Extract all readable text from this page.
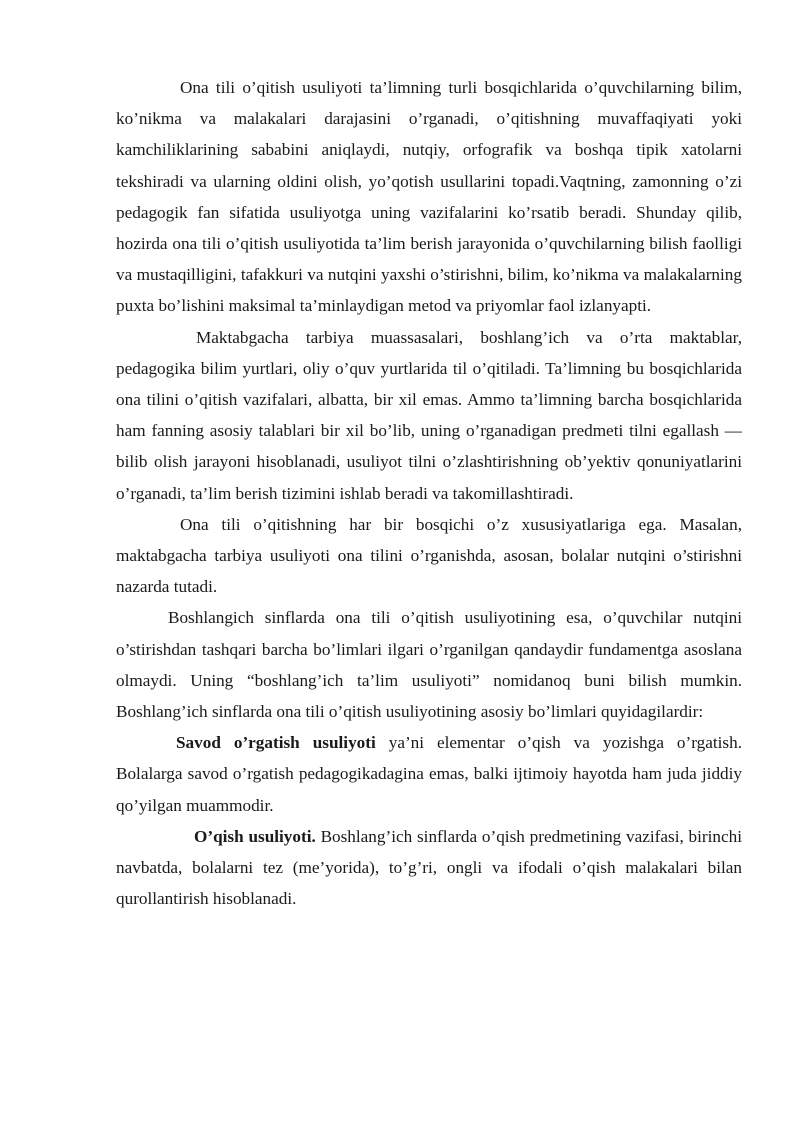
Ona tili o’qitish usuliyoti ta’limning turli bosqichlarida o’quvchilarning bilim, ko’nikma va malakalari darajasini o’rganadi, o’qitishning muvaffaqiyati yoki kamchiliklarining sababini aniqlaydi, nutqiy, orfografik va boshqa tipik xatolarni tekshiradi va ularning oldini olish, yo’qotish usullarini topadi.Vaqtning, zamonning o’zi pedagogik fan sifatida usuliyotga uning vazifalarini ko’rsatib beradi. Shunday qilib, hozirda ona tili o’qitish usuliyotida ta’lim berish jarayonida o’quvchilarning bilish faolligi va mustaqilligini, tafakkuri va nutqini yaxshi o’stirishni, bilim, ko’nikma va malakalarning puxta bo’lishini maksimal ta’minlaydigan metod va priyomlar faol izlanyapti.

Maktabgacha tarbiya muassasalari, boshlang’ich va o’rta maktablar, pedagogika bilim yurtlari, oliy o’quv yurtlarida til o’qitiladi. Ta’limning bu bosqichlarida ona tilini o’qitish vazifalari, albatta, bir xil emas. Ammo ta’limning barcha bosqichlarida ham fanning asosiy talablari bir xil bo’lib, uning o’rganadigan predmeti tilni egallash — bilib olish jarayoni hisoblanadi, usuliyot tilni o’zlashtirishning ob’yektiv qonuniyatlarini o’rganadi, ta’lim berish tizimini ishlab beradi va takomillashtiradi.

Ona tili o’qitishning har bir bosqichi o’z xususiyatlariga ega. Masalan, maktabgacha tarbiya usuliyoti ona tilini o’rganishda, asosan, bolalar nutqini o’stirishni nazarda tutadi.

Boshlangich sinflarda ona tili o’qitish usuliyotining esa, o’quvchilar nutqini o’stirishdan tashqari barcha bo’limlari ilgari o’rganilgan qandaydir fundamentga asoslana olmaydi. Uning “boshlang’ich ta’lim usuliyoti” nomidanoq buni bilish mumkin. Boshlang’ich sinflarda ona tili o’qitish usuliyotining asosiy bo’limlari quyidagilardir:

Savod o’rgatish usuliyoti ya’ni elementar o’qish va yozishga o’rgatish. Bolalarga savod o’rgatish pedagogikadagina emas, balki ijtimoiy hayotda ham juda jiddiy qo’yilgan muammodir.

O’qish usuliyoti. Boshlang’ich sinflarda o’qish predmetining vazifasi, birinchi navbatda, bolalarni tez (me’yorida), to’g’ri, ongli va ifodali o’qish malakalari bilan qurollantirish hisoblanadi.
